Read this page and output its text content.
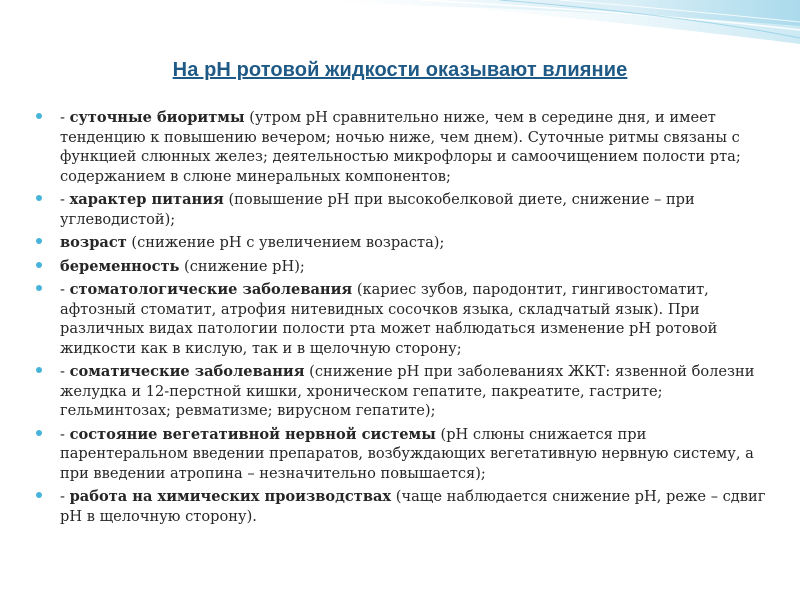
На рН ротовой жидкости оказывают влияние
- суточные биоритмы (утром рН сравнительно ниже, чем в середине дня, и имеет тенденцию к повышению вечером; ночью ниже, чем днем). Суточные ритмы связаны с функцией слюнных желез; деятельностью микрофлоры и самоочищением полости рта; содержанием в слюне минеральных компонентов;
- характер питания (повышение рН при высокобелковой диете, снижение – при углеводистой);
возраст (снижение рН с увеличением возраста);
беременность (снижение рН);
- стоматологические заболевания (кариес зубов, пародонтит, гингивостоматит, афтозный стоматит, атрофия нитевидных сосочков языка, складчатый язык). При различных видах патологии полости рта может наблюдаться изменение рН ротовой жидкости как в кислую, так и в щелочную сторону;
- соматические заболевания (снижение рН при заболеваниях ЖКТ: язвенной болезни желудка и 12-перстной кишки, хроническом гепатите, пакреатите, гастрите; гельминтозах; ревматизме; вирусном гепатите);
- состояние вегетативной нервной системы (рН слюны снижается при парентеральном введении препаратов, возбуждающих вегетативную нервную систему, а при введении атропина – незначительно повышается);
- работа на химических производствах (чаще наблюдается снижение рН, реже – сдвиг рН в щелочную сторону).
